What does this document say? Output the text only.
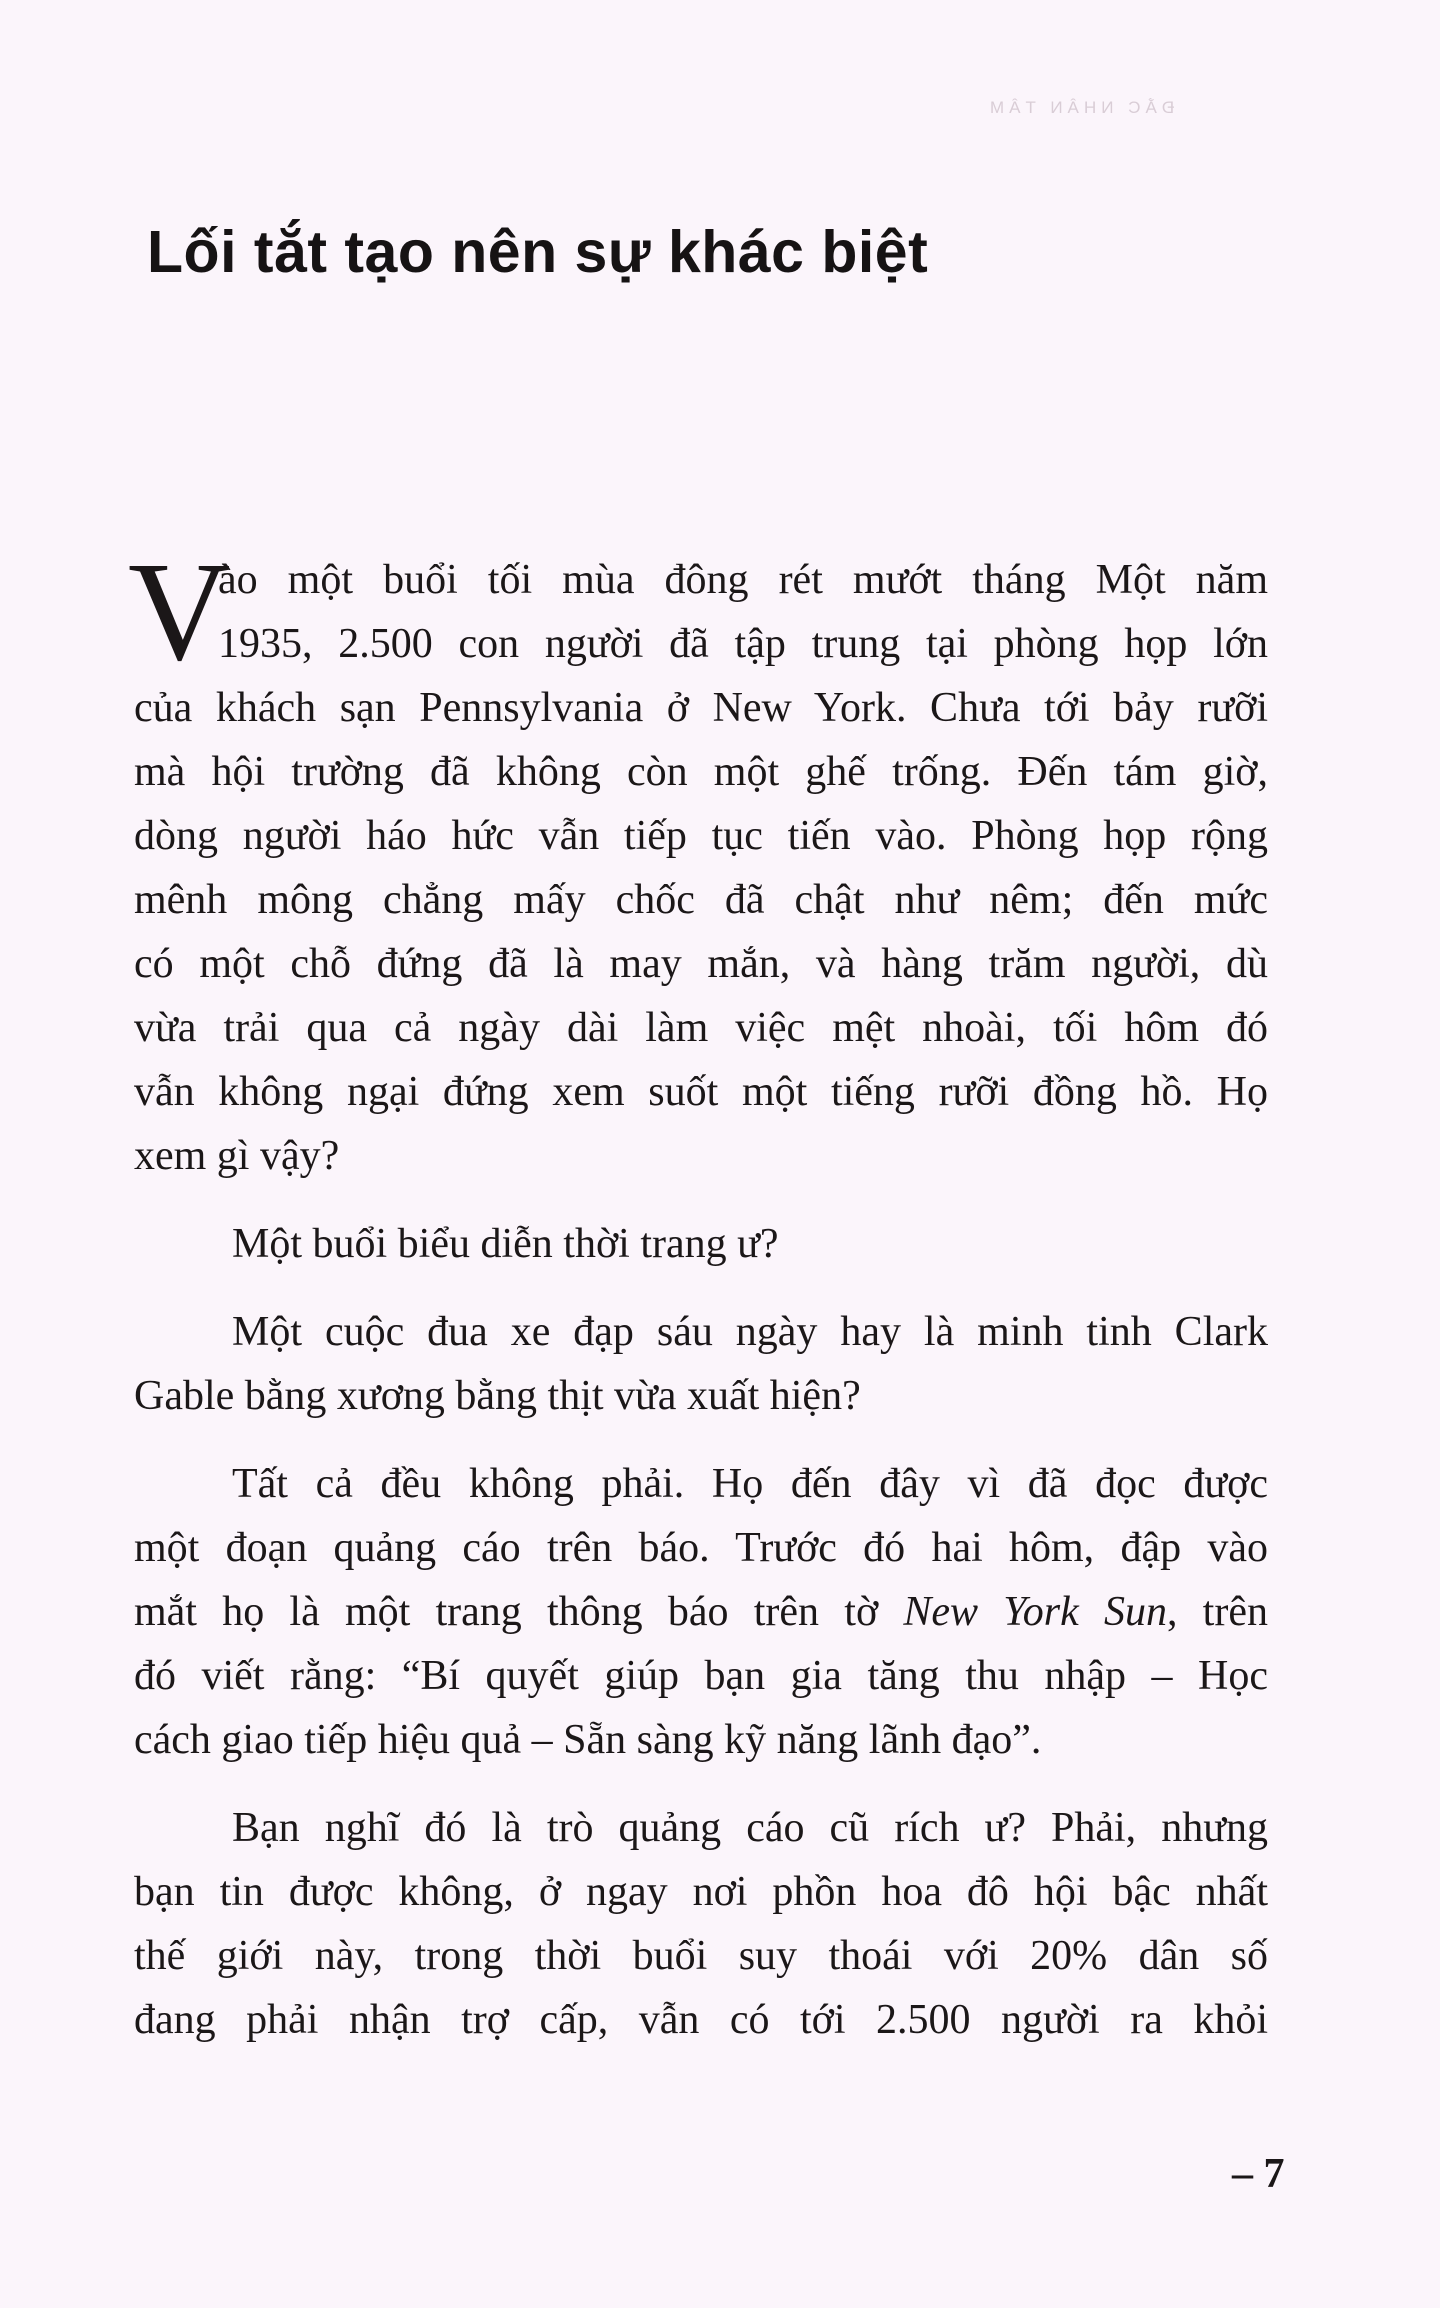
ĐẮC NHÂN TÂM
Lối tắt tạo nên sự khác biệt
V
ào một buổi tối mùa đông rét mướt tháng Một năm
1935, 2.500 con người đã tập trung tại phòng họp lớn
của khách sạn Pennsylvania ở New York. Chưa tới bảy rưỡi
mà hội trường đã không còn một ghế trống. Đến tám giờ,
dòng người háo hức vẫn tiếp tục tiến vào. Phòng họp rộng
mênh mông chẳng mấy chốc đã chật như nêm; đến mức
có một chỗ đứng đã là may mắn, và hàng trăm người, dù
vừa trải qua cả ngày dài làm việc mệt nhoài, tối hôm đó
vẫn không ngại đứng xem suốt một tiếng rưỡi đồng hồ. Họ
xem gì vậy?
Một buổi biểu diễn thời trang ư?
Một cuộc đua xe đạp sáu ngày hay là minh tinh Clark
Gable bằng xương bằng thịt vừa xuất hiện?
Tất cả đều không phải. Họ đến đây vì đã đọc được
một đoạn quảng cáo trên báo. Trước đó hai hôm, đập vào
mắt họ là một trang thông báo trên tờ New York Sun, trên
đó viết rằng: “Bí quyết giúp bạn gia tăng thu nhập – Học
cách giao tiếp hiệu quả – Sẵn sàng kỹ năng lãnh đạo”.
Bạn nghĩ đó là trò quảng cáo cũ rích ư? Phải, nhưng
bạn tin được không, ở ngay nơi phồn hoa đô hội bậc nhất
thế giới này, trong thời buổi suy thoái với 20% dân số
đang phải nhận trợ cấp, vẫn có tới 2.500 người ra khỏi
– 7
